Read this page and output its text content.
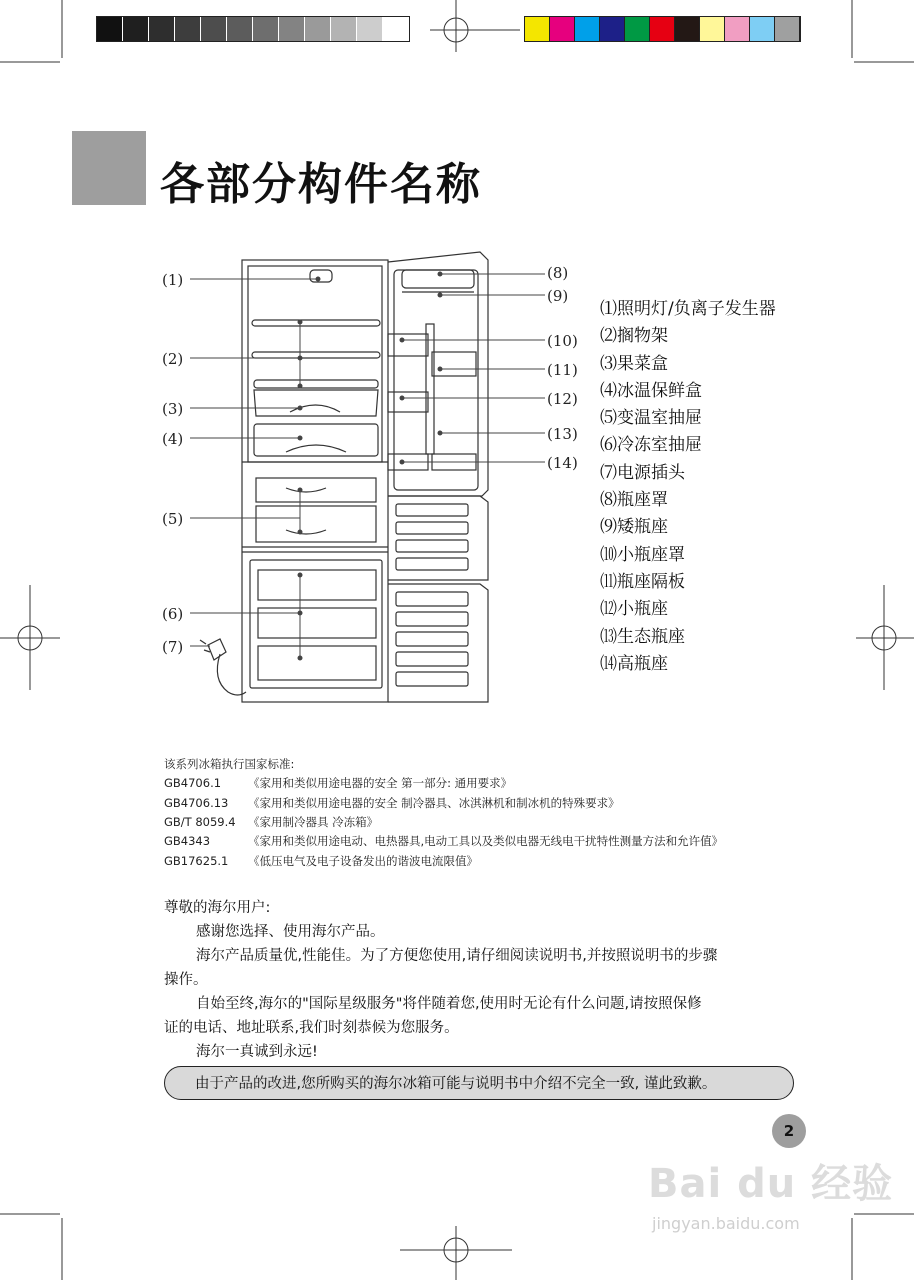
各部分构件名称
(1)
(2)
(3)
(4)
(5)
(6)
(7)
(8)
(9)
(10)
(11)
(12)
(13)
(14)
⑴照明灯/负离子发生器
⑵搁物架
⑶果菜盒
⑷冰温保鲜盒
⑸变温室抽屉
⑹冷冻室抽屉
⑺电源插头
⑻瓶座罩
⑼矮瓶座
⑽小瓶座罩
⑾瓶座隔板
⑿小瓶座
⒀生态瓶座
⒁高瓶座
该系列冰箱执行国家标准:
GB4706.1 《家用和类似用途电器的安全 第一部分: 通用要求》
GB4706.13 《家用和类似用途电器的安全 制冷器具、冰淇淋机和制冰机的特殊要求》
GB/T 8059.4 《家用制冷器具 冷冻箱》
GB4343	《家用和类似用途电动、电热器具,电动工具以及类似电器无线电干扰特性测量方法和允许值》
GB17625.1 《低压电气及电子设备发出的谐波电流限值》
尊敬的海尔用户:
感谢您选择、使用海尔产品。
海尔产品质量优,性能佳。为了方便您使用,请仔细阅读说明书,并按照说明书的步骤
操作。
自始至终,海尔的"国际星级服务"将伴随着您,使用时无论有什么问题,请按照保修
证的电话、地址联系,我们时刻恭候为您服务。
海尔一真诚到永远!
由于产品的改进,您所购买的海尔冰箱可能与说明书中介绍不完全一致, 谨此致歉。
2
Bai du 经验
jingyan.baidu.com
